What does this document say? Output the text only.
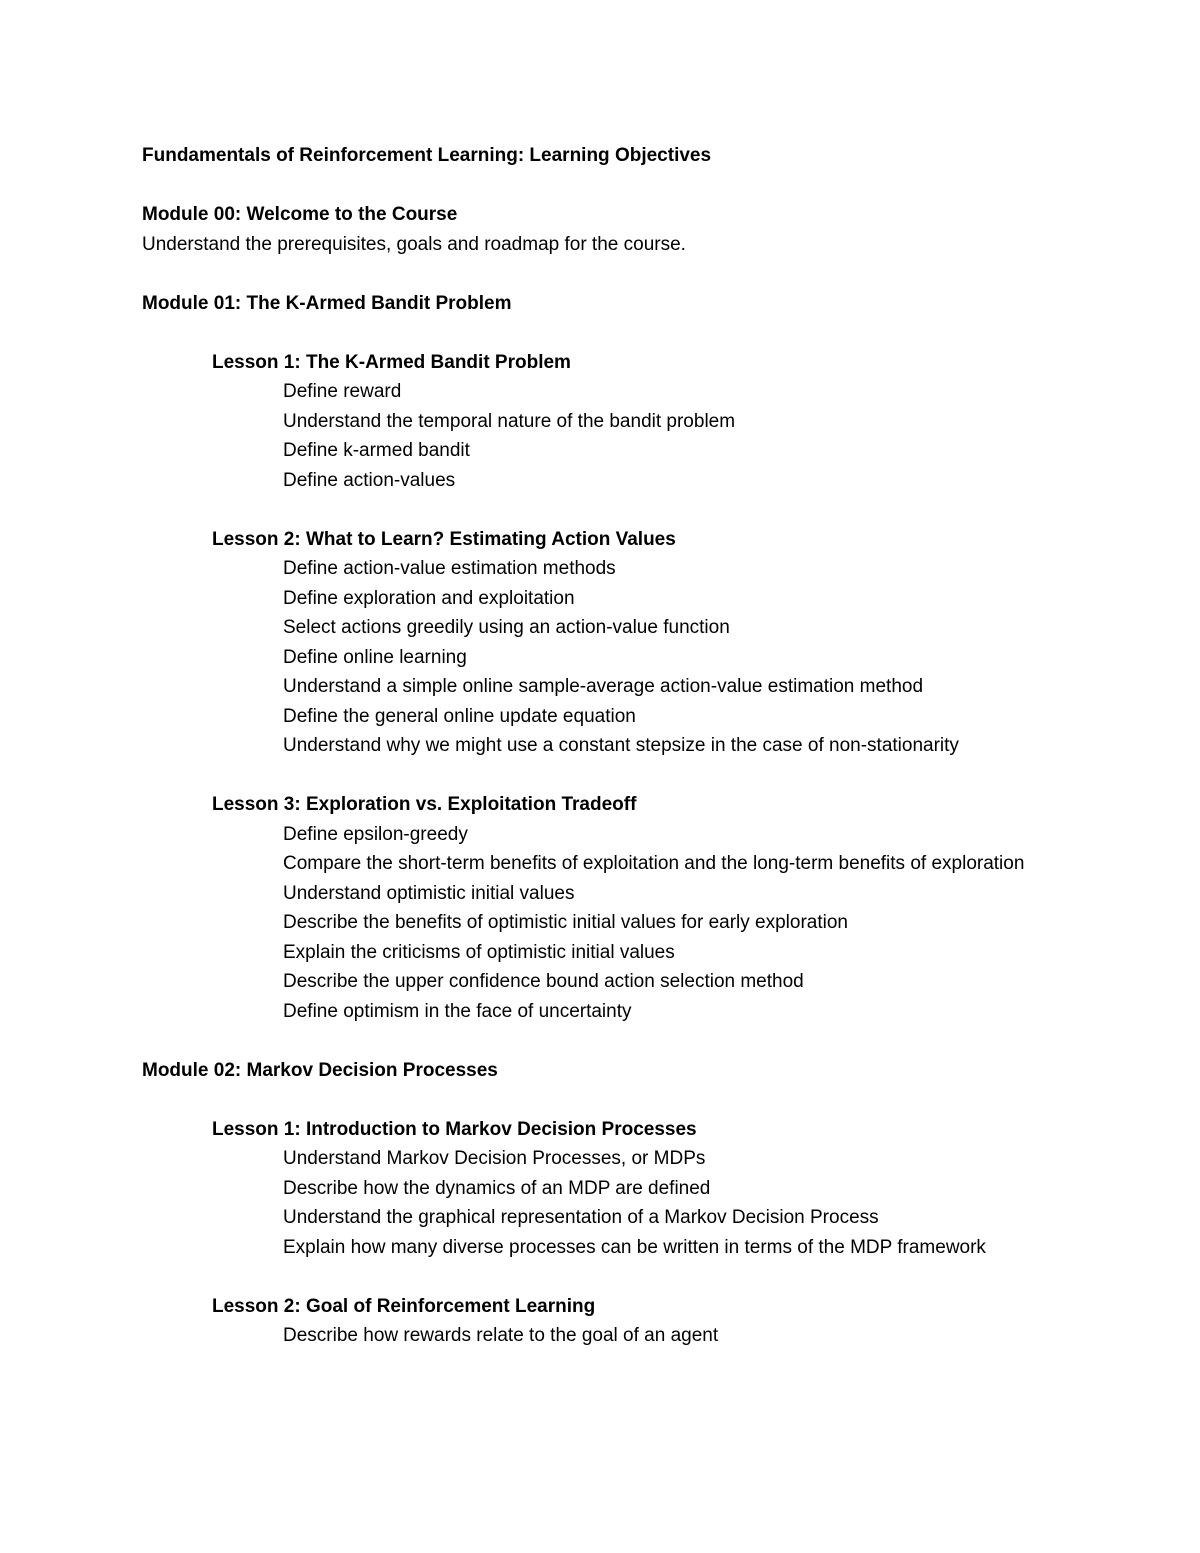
Fundamentals of Reinforcement Learning: Learning Objectives
Module 00: Welcome to the Course

Understand the prerequisites, goals and roadmap for the course.

Module 01: The K-Armed Bandit Problem
Lesson 1: The K-Armed Bandit Problem
Define reward
Understand the temporal nature of the bandit problem
Define k-armed bandit
Define action-values
Lesson 2: What to Learn? Estimating Action Values
Define action-value estimation methods
Define exploration and exploitation
Select actions greedily using an action-value function
Define online learning
Understand a simple online sample-average action-value estimation method
Define the general online update equation
Understand why we might use a constant stepsize in the case of non-stationarity
Lesson 3: Exploration vs. Exploitation Tradeoff
Define epsilon-greedy
Compare the short-term benefits of exploitation and the long-term benefits of exploration
Understand optimistic initial values
Describe the benefits of optimistic initial values for early exploration
Explain the criticisms of optimistic initial values
Describe the upper confidence bound action selection method
Define optimism in the face of uncertainty
Module 02: Markov Decision Processes
Lesson 1: Introduction to Markov Decision Processes
Understand Markov Decision Processes, or MDPs
Describe how the dynamics of an MDP are defined
Understand the graphical representation of a Markov Decision Process
Explain how many diverse processes can be written in terms of the MDP framework
Lesson 2: Goal of Reinforcement Learning
Describe how rewards relate to the goal of an agent
